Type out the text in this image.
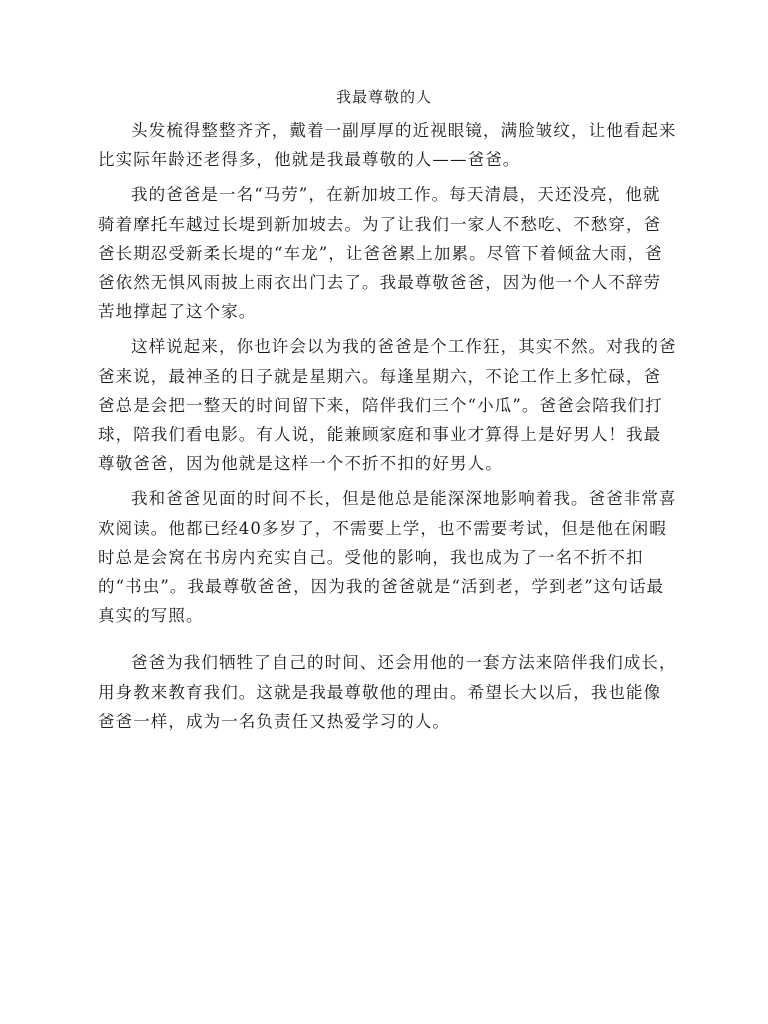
我最尊敬的人

头发梳得整整齐齐，戴着一副厚厚的近视眼镜，满脸皱纹，让他看起来比实际年龄还老得多，他就是我最尊敬的人——爸爸。

我的爸爸是一名“马劳”，在新加坡工作。每天清晨，天还没亮，他就骑着摩托车越过长堤到新加坡去。为了让我们一家人不愁吃、不愁穿，爸爸长期忍受新柔长堤的“车龙”，让爸爸累上加累。尽管下着倾盆大雨，爸爸依然无惧风雨披上雨衣出门去了。我最尊敬爸爸，因为他一个人不辞劳苦地撑起了这个家。

这样说起来，你也许会以为我的爸爸是个工作狂，其实不然。对我的爸爸来说，最神圣的日子就是星期六。每逢星期六，不论工作上多忙碌，爸爸总是会把一整天的时间留下来，陪伴我们三个“小瓜”。爸爸会陪我们打球，陪我们看电影。有人说，能兼顾家庭和事业才算得上是好男人！我最尊敬爸爸，因为他就是这样一个不折不扣的好男人。

我和爸爸见面的时间不长，但是他总是能深深地影响着我。爸爸非常喜欢阅读。他都已经40多岁了，不需要上学，也不需要考试，但是他在闲暇时总是会窝在书房内充实自己。受他的影响，我也成为了一名不折不扣的“书虫”。我最尊敬爸爸，因为我的爸爸就是“活到老，学到老”这句话最真实的写照。

爸爸为我们牺牲了自己的时间、还会用他的一套方法来陪伴我们成长，用身教来教育我们。这就是我最尊敬他的理由。希望长大以后，我也能像爸爸一样，成为一名负责任又热爱学习的人。
